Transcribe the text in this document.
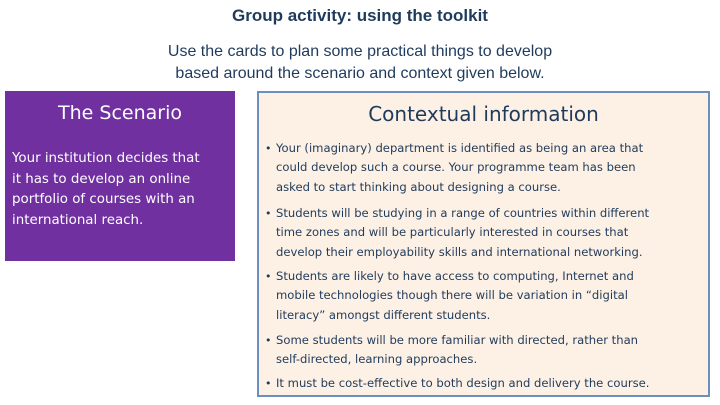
Group activity: using the toolkit
Use the cards to plan some practical things to develop
based around the scenario and context given below.
The Scenario
Your institution decides that
it has to develop an online
portfolio of courses with an
international reach.
Contextual information
• Your (imaginary) department is identified as being an area that
could develop such a course. Your programme team has been
asked to start thinking about designing a course.
• Students will be studying in a range of countries within different
time zones and will be particularly interested in courses that
develop their employability skills and international networking.
• Students are likely to have access to computing, Internet and
mobile technologies though there will be variation in “digital
literacy” amongst different students.
• Some students will be more familiar with directed, rather than
self-directed, learning approaches.
• It must be cost-effective to both design and delivery the course.
